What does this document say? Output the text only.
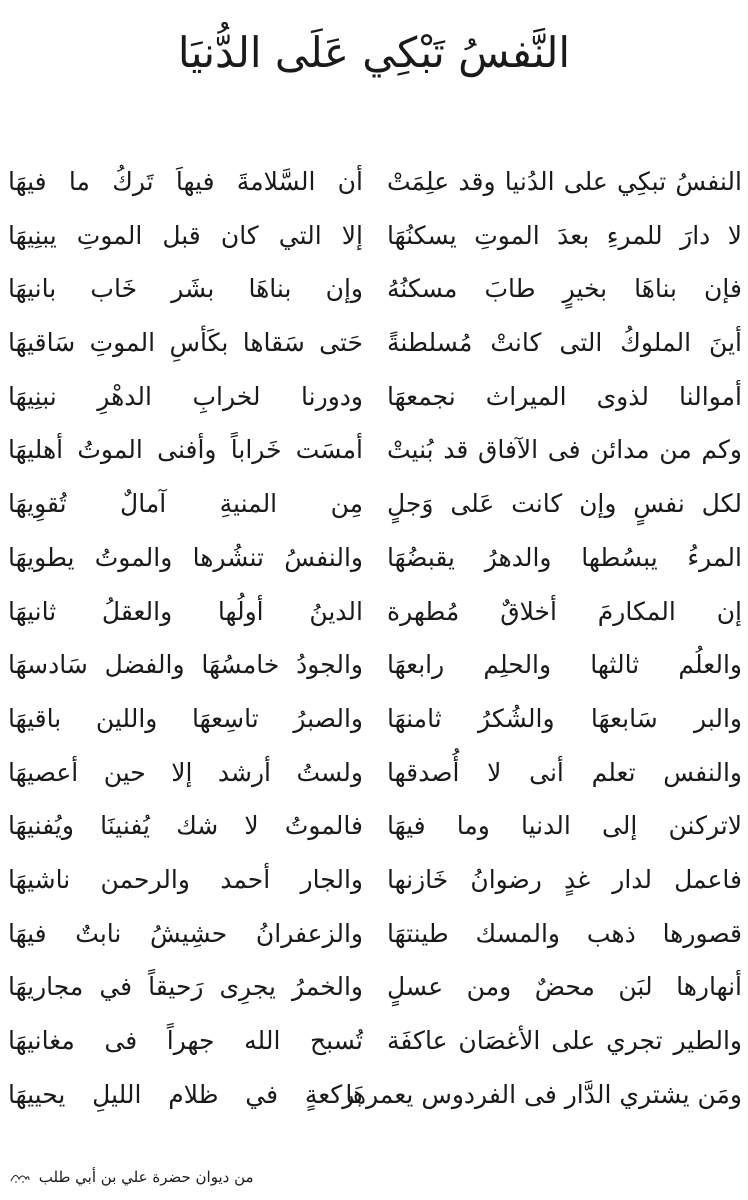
النَّفسُ تَبْكِي عَلَى الدُّنيَا
النفسُ تبكِي على الدُنيا وقد علِمَتْ
أن السَّلامةَ فيهاَ تَركُ ما فيهَا
لا دارَ للمرءِ بعدَ الموتِ يسكنُهَا
إلا التي كان قبل الموتِ يبنِيهَا
فإن بناهَا بخيرٍ طابَ مسكنُهُ
وإن بناهَا بشَر خَاب بانيهَا
أينَ الملوكُ التى كانتْ مُسلطنةً
حَتى سَقاها بكَأسِ الموتِ سَاقيهَا
أموالنا لذوى الميراث نجمعهَا
ودورنا لخرابِ الدهْرِ نبنِيهَا
وكم من مدائن فى الآفاق قد بُنيتْ
أمسَت خَراباً وأفنى الموتُ أهليهَا
لكل نفسٍ وإن كانت عَلى وَجلٍ
مِن المنيةِ آمالٌ تُقوِيهَا
المرءُ يبسُطها والدهرُ يقبضُهَا
والنفسُ تنشُرها والموتُ يطويهَا
إن المكارمَ أخلاقٌ مُطهرة
الدينُ أولُها والعقلُ ثانيهَا
والعلُم ثالثها والحلِم رابعهَا
والجودُ خامسُهَا والفضل سَادسهَا
والبر سَابعهَا والشُكرُ ثامنهَا
والصبرُ تاسِعهَا واللين باقيهَا
والنفس تعلم أنى لا أُصدقها
ولستُ أرشد إلا حين أعصيهَا
لاتركنن إلى الدنيا وما فيهَا
فالموتُ لا شك يُفنينَا ويُفنيهَا
فاعمل لدار غدٍ رضوانُ خَازنها
والجار أحمد والرحمن ناشيهَا
قصورها ذهب والمسك طينتهَا
والزعفرانُ حشِيشُ نابتٌ فيهَا
أنهارها لبَن محضٌ ومن عسلٍ
والخمرُ يجرِى رَحيقاً في مجاريهَا
والطير تجري على الأغصَان عاكفَة
تُسبح الله جهراً فى مغانيهَا
ومَن يشتري الدَّار فى الفردوس يعمرهَا
بركعةٍ في ظلام الليلِ يحييهَا
من ديوان حضرة علي بن أبي طلب
